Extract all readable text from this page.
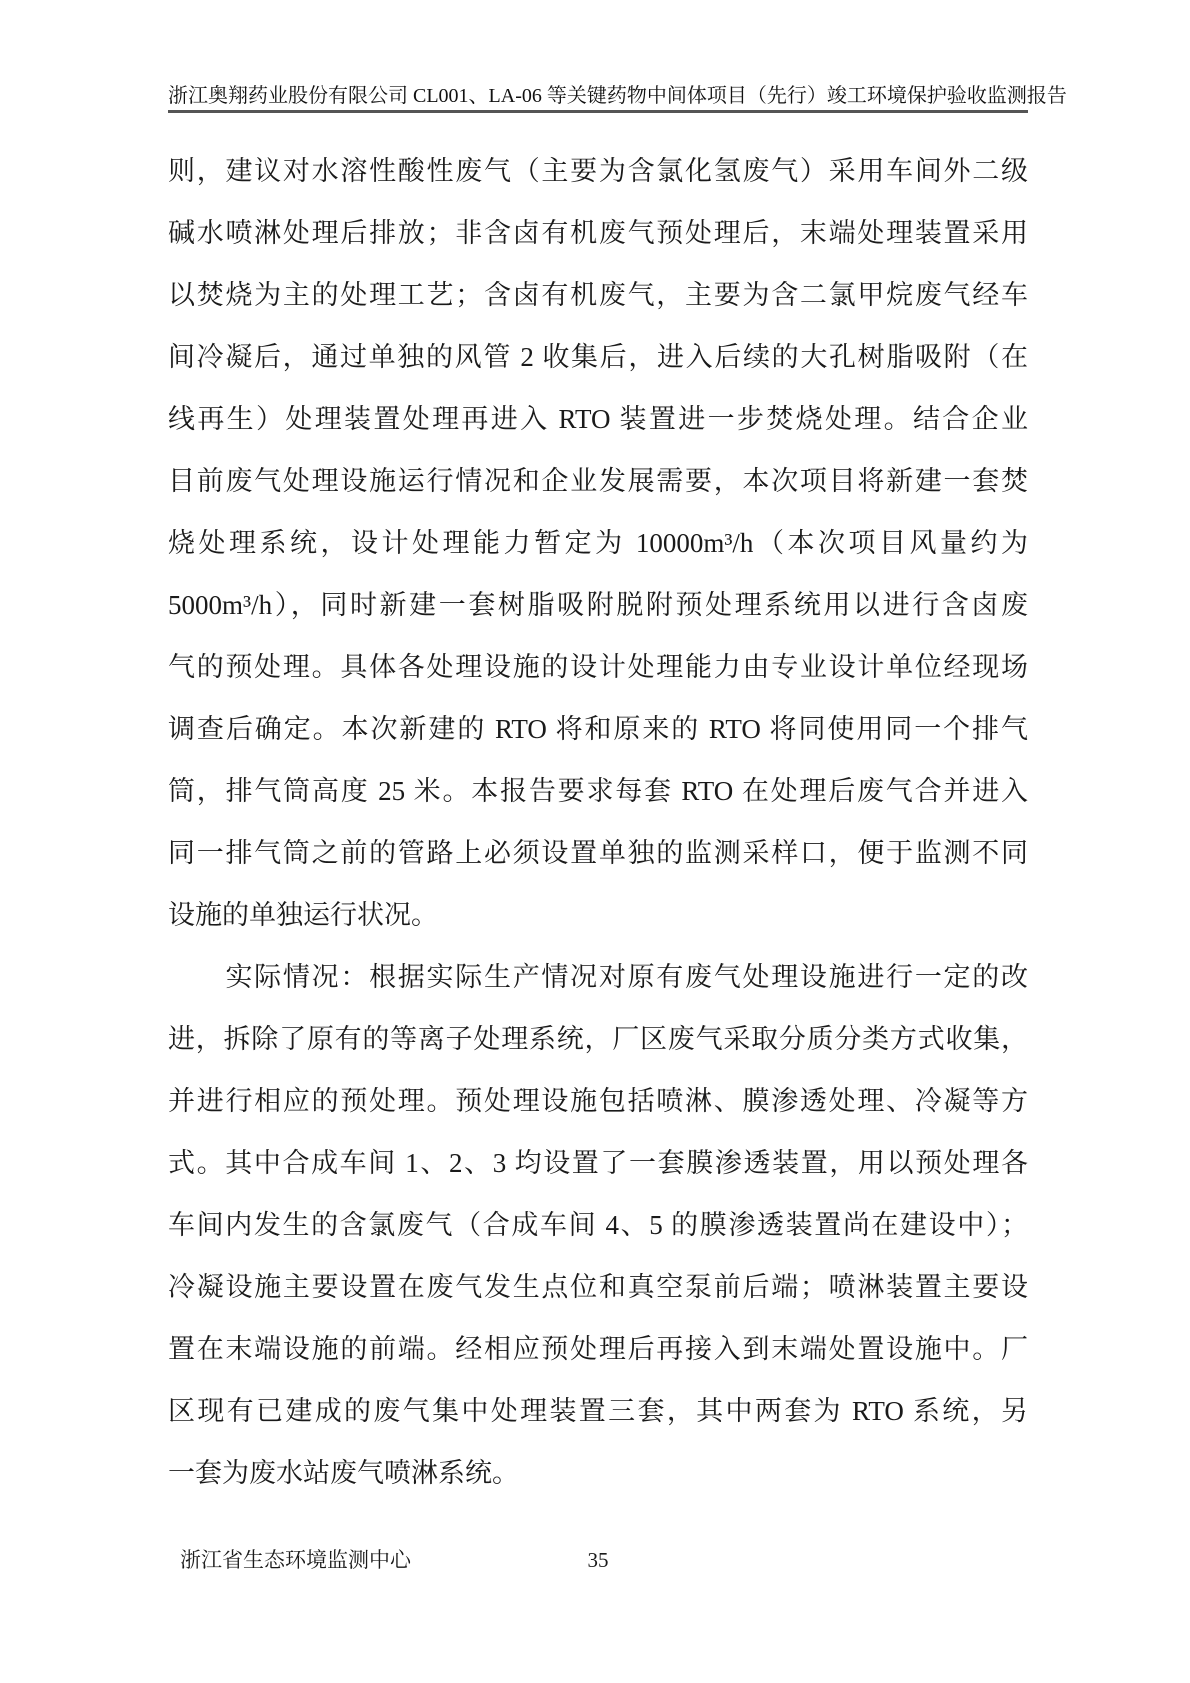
浙江奥翔药业股份有限公司 CL001、LA-06 等关键药物中间体项目（先行）竣工环境保护验收监测报告

则，建议对水溶性酸性废气（主要为含氯化氢废气）采用车间外二级
碱水喷淋处理后排放；非含卤有机废气预处理后，末端处理装置采用
以焚烧为主的处理工艺；含卤有机废气，主要为含二氯甲烷废气经车
间冷凝后，通过单独的风管 2 收集后，进入后续的大孔树脂吸附（在
线再生）处理装置处理再进入 RTO 装置进一步焚烧处理。结合企业
目前废气处理设施运行情况和企业发展需要，本次项目将新建一套焚
烧处理系统，设计处理能力暂定为 10000m³/h（本次项目风量约为
5000m³/h），同时新建一套树脂吸附脱附预处理系统用以进行含卤废
气的预处理。具体各处理设施的设计处理能力由专业设计单位经现场
调查后确定。本次新建的 RTO 将和原来的 RTO 将同使用同一个排气
筒，排气筒高度 25 米。本报告要求每套 RTO 在处理后废气合并进入
同一排气筒之前的管路上必须设置单独的监测采样口，便于监测不同
设施的单独运行状况。

　　实际情况：根据实际生产情况对原有废气处理设施进行一定的改
进，拆除了原有的等离子处理系统，厂区废气采取分质分类方式收集，
并进行相应的预处理。预处理设施包括喷淋、膜渗透处理、冷凝等方
式。其中合成车间 1、2、3 均设置了一套膜渗透装置，用以预处理各
车间内发生的含氯废气（合成车间 4、5 的膜渗透装置尚在建设中）；
冷凝设施主要设置在废气发生点位和真空泵前后端；喷淋装置主要设
置在末端设施的前端。经相应预处理后再接入到末端处置设施中。厂
区现有已建成的废气集中处理装置三套，其中两套为 RTO 系统，另
一套为废水站废气喷淋系统。

浙江省生态环境监测中心	35
